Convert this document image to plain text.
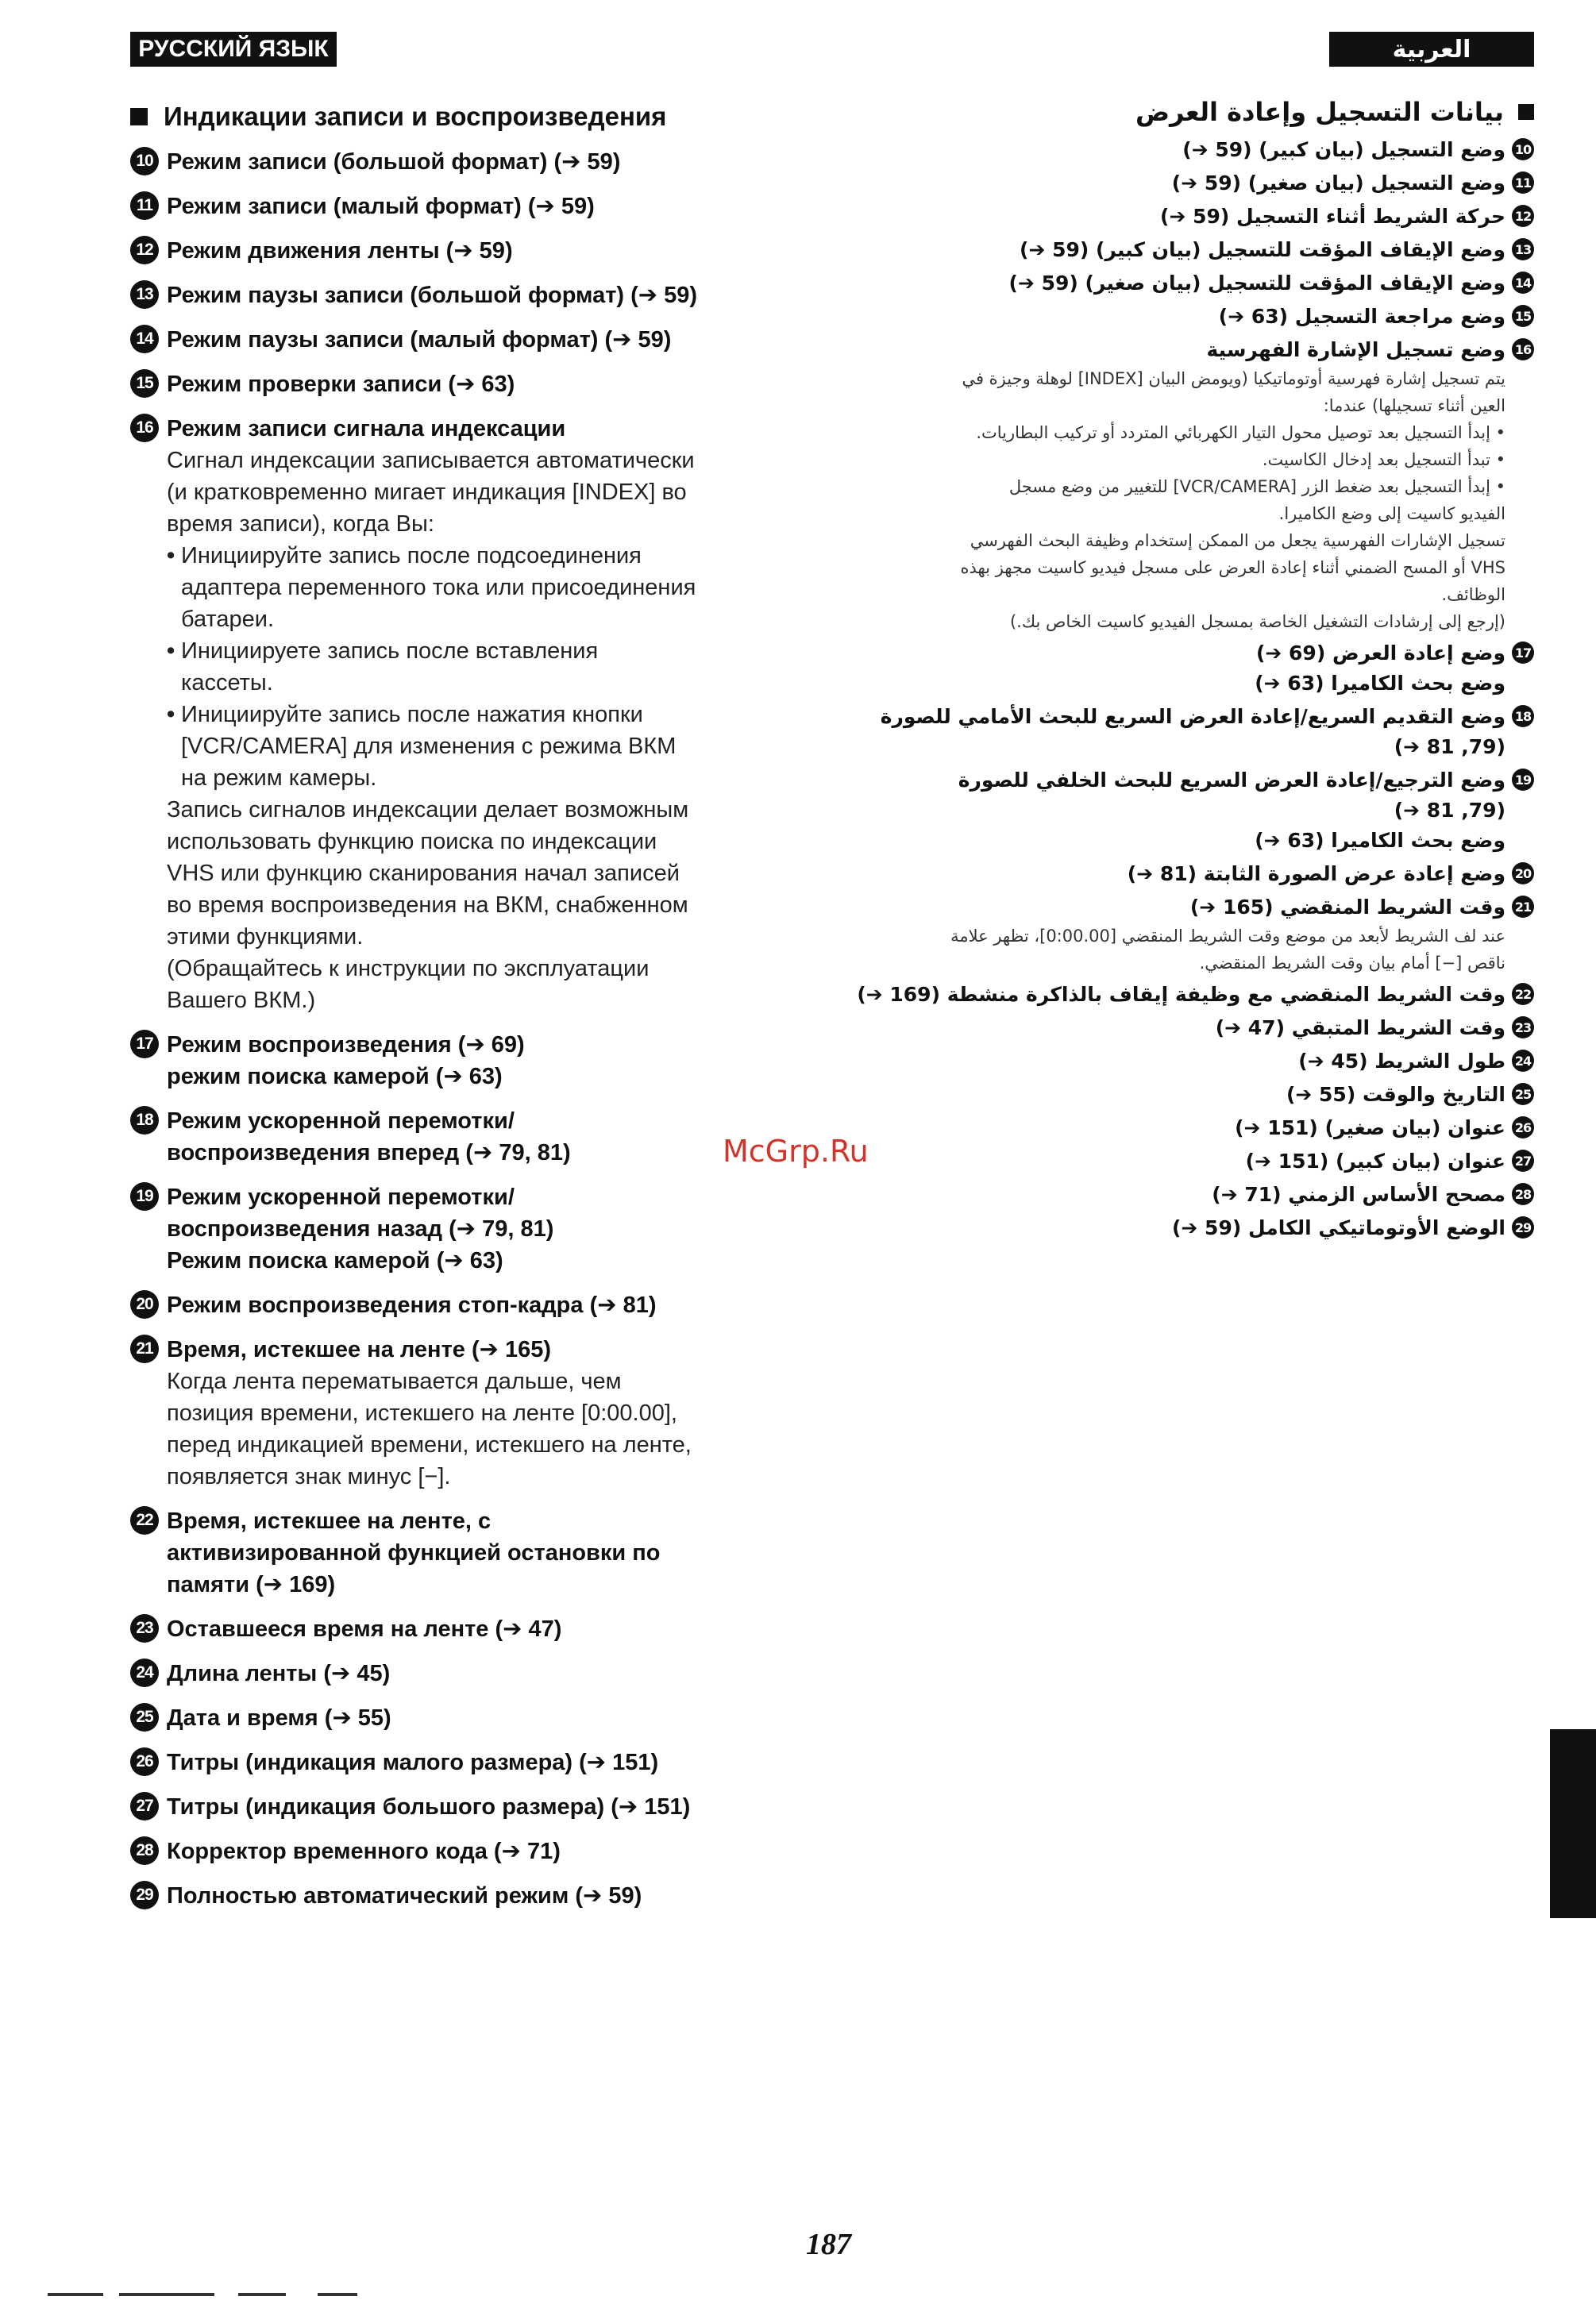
РУССКИЙ ЯЗЫК	العربية
Индикации записи и воспроизведения
10 Режим записи (большой формат) (➔ 59)
11 Режим записи (малый формат) (➔ 59)
12 Режим движения ленты (➔ 59)
13 Режим паузы записи (большой формат) (➔ 59)
14 Режим паузы записи (малый формат) (➔ 59)
15 Режим проверки записи (➔ 63)
16 Режим записи сигнала индексации
Сигнал индексации записывается автоматически
(и кратковременно мигает индикация [INDEX] во
время записи), когда Вы:
• Инициируйте запись после подсоединения
адаптера переменного тока или присоединения
батареи.
• Инициируете запись после вставления
кассеты.
• Инициируйте запись после нажатия кнопки
[VCR/CAMERA] для изменения с режима ВКМ
на режим камеры.
Запись сигналов индексации делает возможным
использовать функцию поиска по индексации
VHS или функцию сканирования начал записей
во время воспроизведения на ВКМ, снабженном
этими функциями.
(Обращайтесь к инструкции по эксплуатации
Вашего ВКМ.)
17 Режим воспроизведения (➔ 69)
режим поиска камерой (➔ 63)
18 Режим ускоренной перемотки/
воспроизведения вперед (➔ 79, 81)
19 Режим ускоренной перемотки/
воспроизведения назад (➔ 79, 81)
Режим поиска камерой (➔ 63)
20 Режим воспроизведения стоп-кадра (➔ 81)
21 Время, истекшее на ленте (➔ 165)
Когда лента перематывается дальше, чем
позиция времени, истекшего на ленте [0:00.00],
перед индикацией времени, истекшего на ленте,
появляется знак минус [−].
22 Время, истекшее на ленте, с
активизированной функцией остановки по
памяти (➔ 169)
23 Оставшееся время на ленте (➔ 47)
24 Длина ленты (➔ 45)
25 Дата и время (➔ 55)
26 Титры (индикация малого размера) (➔ 151)
27 Титры (индикация большого размера) (➔ 151)
28 Корректор временного кода (➔ 71)
29 Полностью автоматический режим (➔ 59)
بيانات التسجيل وإعادة العرض
10
وضع التسجيل (بيان كبير) (59 ➔)
11
وضع التسجيل (بيان صغير) (59 ➔)
12
حركة الشريط أثناء التسجيل (59 ➔)
13
وضع الإيقاف المؤقت للتسجيل (بيان كبير) (59 ➔)
14
وضع الإيقاف المؤقت للتسجيل (بيان صغير) (59 ➔)
15
وضع مراجعة التسجيل (63 ➔)
16
وضع تسجيل الإشارة الفهرسية
يتم تسجيل إشارة فهرسية أوتوماتيكيا (ويومض البيان [INDEX] لوهلة وجيزة في
العين أثناء تسجيلها) عندما:
• إبدأ التسجيل بعد توصيل محول التيار الكهربائي المتردد أو تركيب البطاريات.
• تبدأ التسجيل بعد إدخال الكاسيت.
• إبدأ التسجيل بعد ضغط الزر [VCR/CAMERA] للتغيير من وضع مسجل
الفيديو كاسيت إلى وضع الكاميرا.
تسجيل الإشارات الفهرسية يجعل من الممكن إستخدام وظيفة البحث الفهرسي
VHS أو المسح الضمني أثناء إعادة العرض على مسجل فيديو كاسيت مجهز بهذه
الوظائف.
(إرجع إلى إرشادات التشغيل الخاصة بمسجل الفيديو كاسيت الخاص بك.)
17
وضع إعادة العرض (69 ➔)
وضع بحث الكاميرا (63 ➔)
18
وضع التقديم السريع/إعادة العرض السريع للبحث الأمامي للصورة
(79, 81 ➔)
19
وضع الترجيع/إعادة العرض السريع للبحث الخلفي للصورة
(79, 81 ➔)
وضع بحث الكاميرا (63 ➔)
20
وضع إعادة عرض الصورة الثابتة (81 ➔)
21
وقت الشريط المنقضي (165 ➔)
عند لف الشريط لأبعد من موضع وقت الشريط المنقضي [0:00.00]، تظهر علامة
ناقص [−] أمام بيان وقت الشريط المنقضي.
22
وقت الشريط المنقضي مع وظيفة إيقاف بالذاكرة منشطة (169 ➔)
23
وقت الشريط المتبقي (47 ➔)
24
طول الشريط (45 ➔)
25
التاريخ والوقت (55 ➔)
26
عنوان (بيان صغير) (151 ➔)
27
عنوان (بيان كبير) (151 ➔)
28
مصحح الأساس الزمني (71 ➔)
29
الوضع الأوتوماتيكي الكامل (59 ➔)
McGrp.Ru
187
